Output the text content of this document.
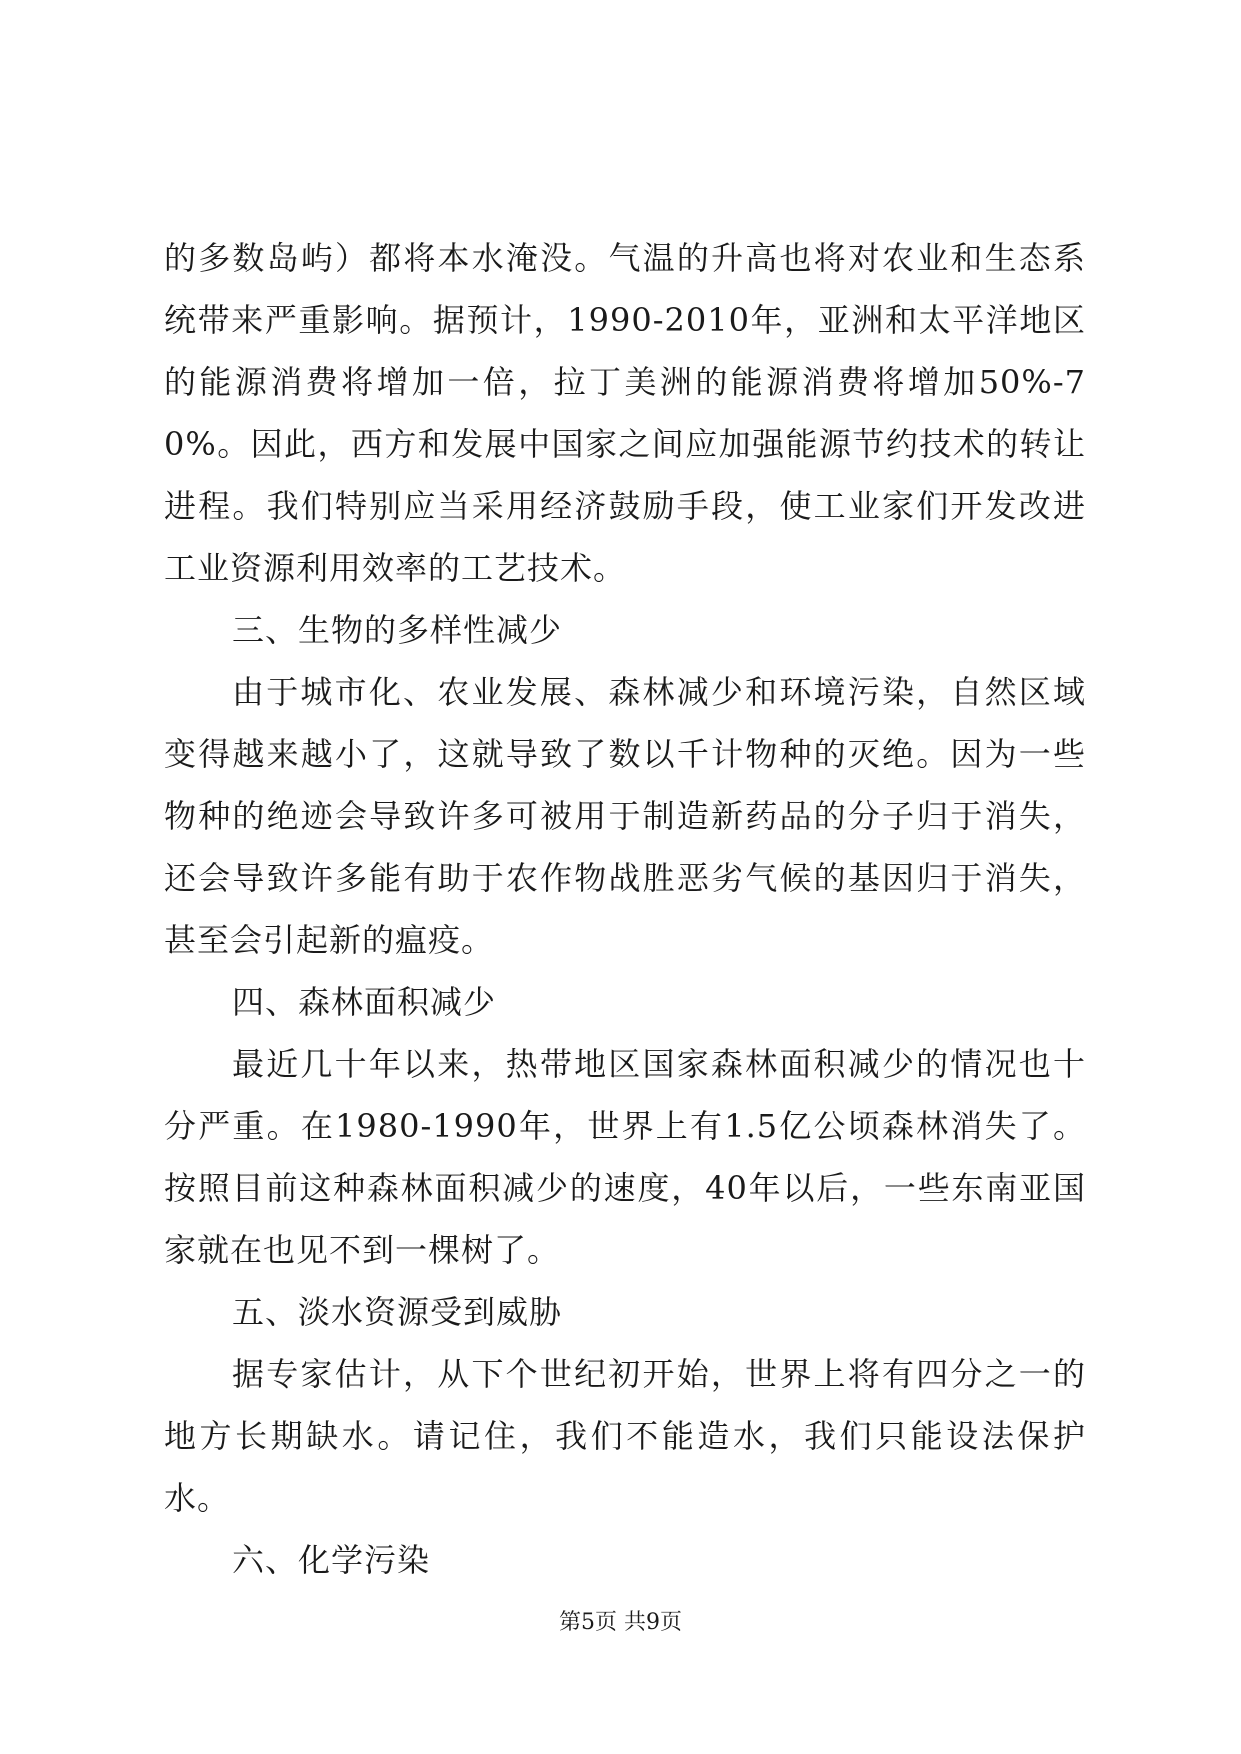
的多数岛屿）都将本水淹没。气温的升高也将对农业和生态系统带来严重影响。据预计，1990-2010年，亚洲和太平洋地区的能源消费将增加一倍，拉丁美洲的能源消费将增加50%-70%。因此，西方和发展中国家之间应加强能源节约技术的转让进程。我们特别应当采用经济鼓励手段，使工业家们开发改进工业资源利用效率的工艺技术。

三、生物的多样性减少

由于城市化、农业发展、森林减少和环境污染，自然区域变得越来越小了，这就导致了数以千计物种的灭绝。因为一些物种的绝迹会导致许多可被用于制造新药品的分子归于消失，还会导致许多能有助于农作物战胜恶劣气候的基因归于消失，甚至会引起新的瘟疫。

四、森林面积减少

最近几十年以来，热带地区国家森林面积减少的情况也十分严重。在1980-1990年，世界上有1.5亿公顷森林消失了。按照目前这种森林面积减少的速度，40年以后，一些东南亚国家就在也见不到一棵树了。

五、淡水资源受到威胁

据专家估计，从下个世纪初开始，世界上将有四分之一的地方长期缺水。请记住，我们不能造水，我们只能设法保护水。

六、化学污染

第5页 共9页
